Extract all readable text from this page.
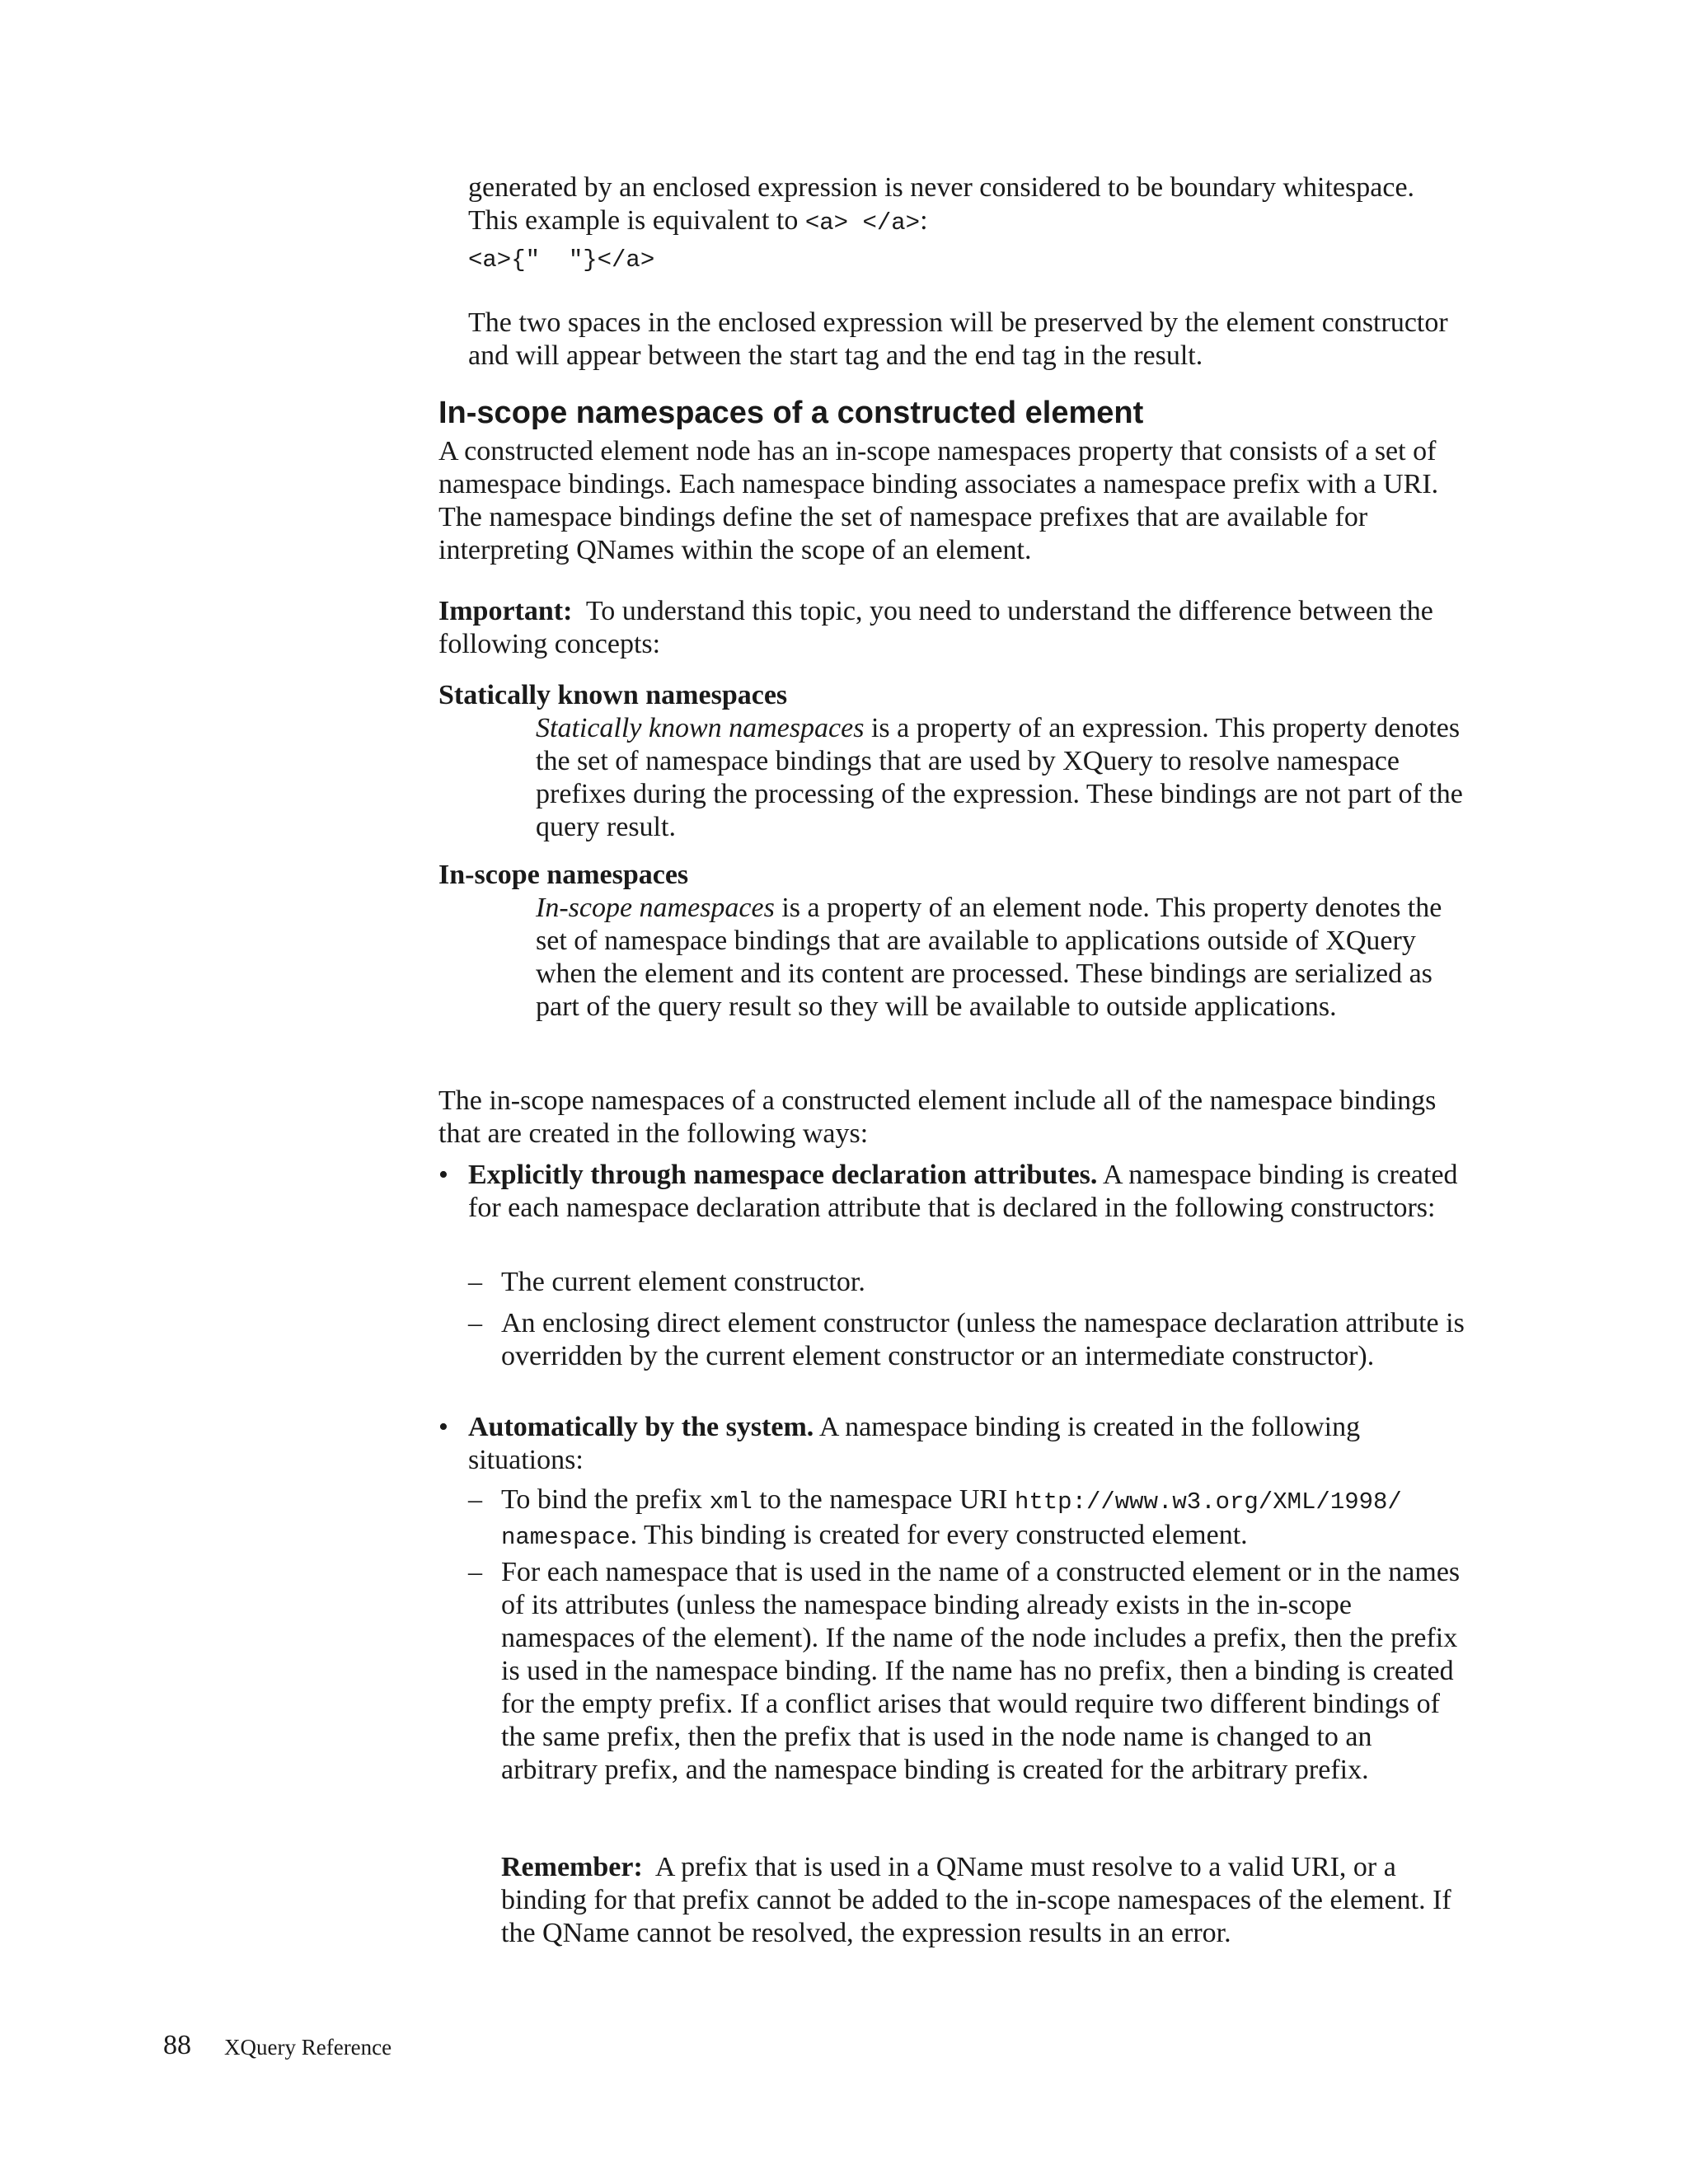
generated by an enclosed expression is never considered to be boundary whitespace. This example is equivalent to <a> </a>:

<a>{"  "}</a>

The two spaces in the enclosed expression will be preserved by the element constructor and will appear between the start tag and the end tag in the result.

In-scope namespaces of a constructed element

A constructed element node has an in-scope namespaces property that consists of a set of namespace bindings. Each namespace binding associates a namespace prefix with a URI. The namespace bindings define the set of namespace prefixes that are available for interpreting QNames within the scope of an element.

Important: To understand this topic, you need to understand the difference between the following concepts:

Statically known namespaces

Statically known namespaces is a property of an expression. This property denotes the set of namespace bindings that are used by XQuery to resolve namespace prefixes during the processing of the expression. These bindings are not part of the query result.

In-scope namespaces

In-scope namespaces is a property of an element node. This property denotes the set of namespace bindings that are available to applications outside of XQuery when the element and its content are processed. These bindings are serialized as part of the query result so they will be available to outside applications.

The in-scope namespaces of a constructed element include all of the namespace bindings that are created in the following ways:

• Explicitly through namespace declaration attributes. A namespace binding is created for each namespace declaration attribute that is declared in the following constructors:

– The current element constructor.

– An enclosing direct element constructor (unless the namespace declaration attribute is overridden by the current element constructor or an intermediate constructor).

• Automatically by the system. A namespace binding is created in the following situations:

– To bind the prefix xml to the namespace URI http://www.w3.org/XML/1998/
namespace. This binding is created for every constructed element.

– For each namespace that is used in the name of a constructed element or in the names of its attributes (unless the namespace binding already exists in the in-scope namespaces of the element). If the name of the node includes a prefix, then the prefix is used in the namespace binding. If the name has no prefix, then a binding is created for the empty prefix. If a conflict arises that would require two different bindings of the same prefix, then the prefix that is used in the node name is changed to an arbitrary prefix, and the namespace binding is created for the arbitrary prefix.

Remember: A prefix that is used in a QName must resolve to a valid URI, or a binding for that prefix cannot be added to the in-scope namespaces of the element. If the QName cannot be resolved, the expression results in an error.

88 XQuery Reference
